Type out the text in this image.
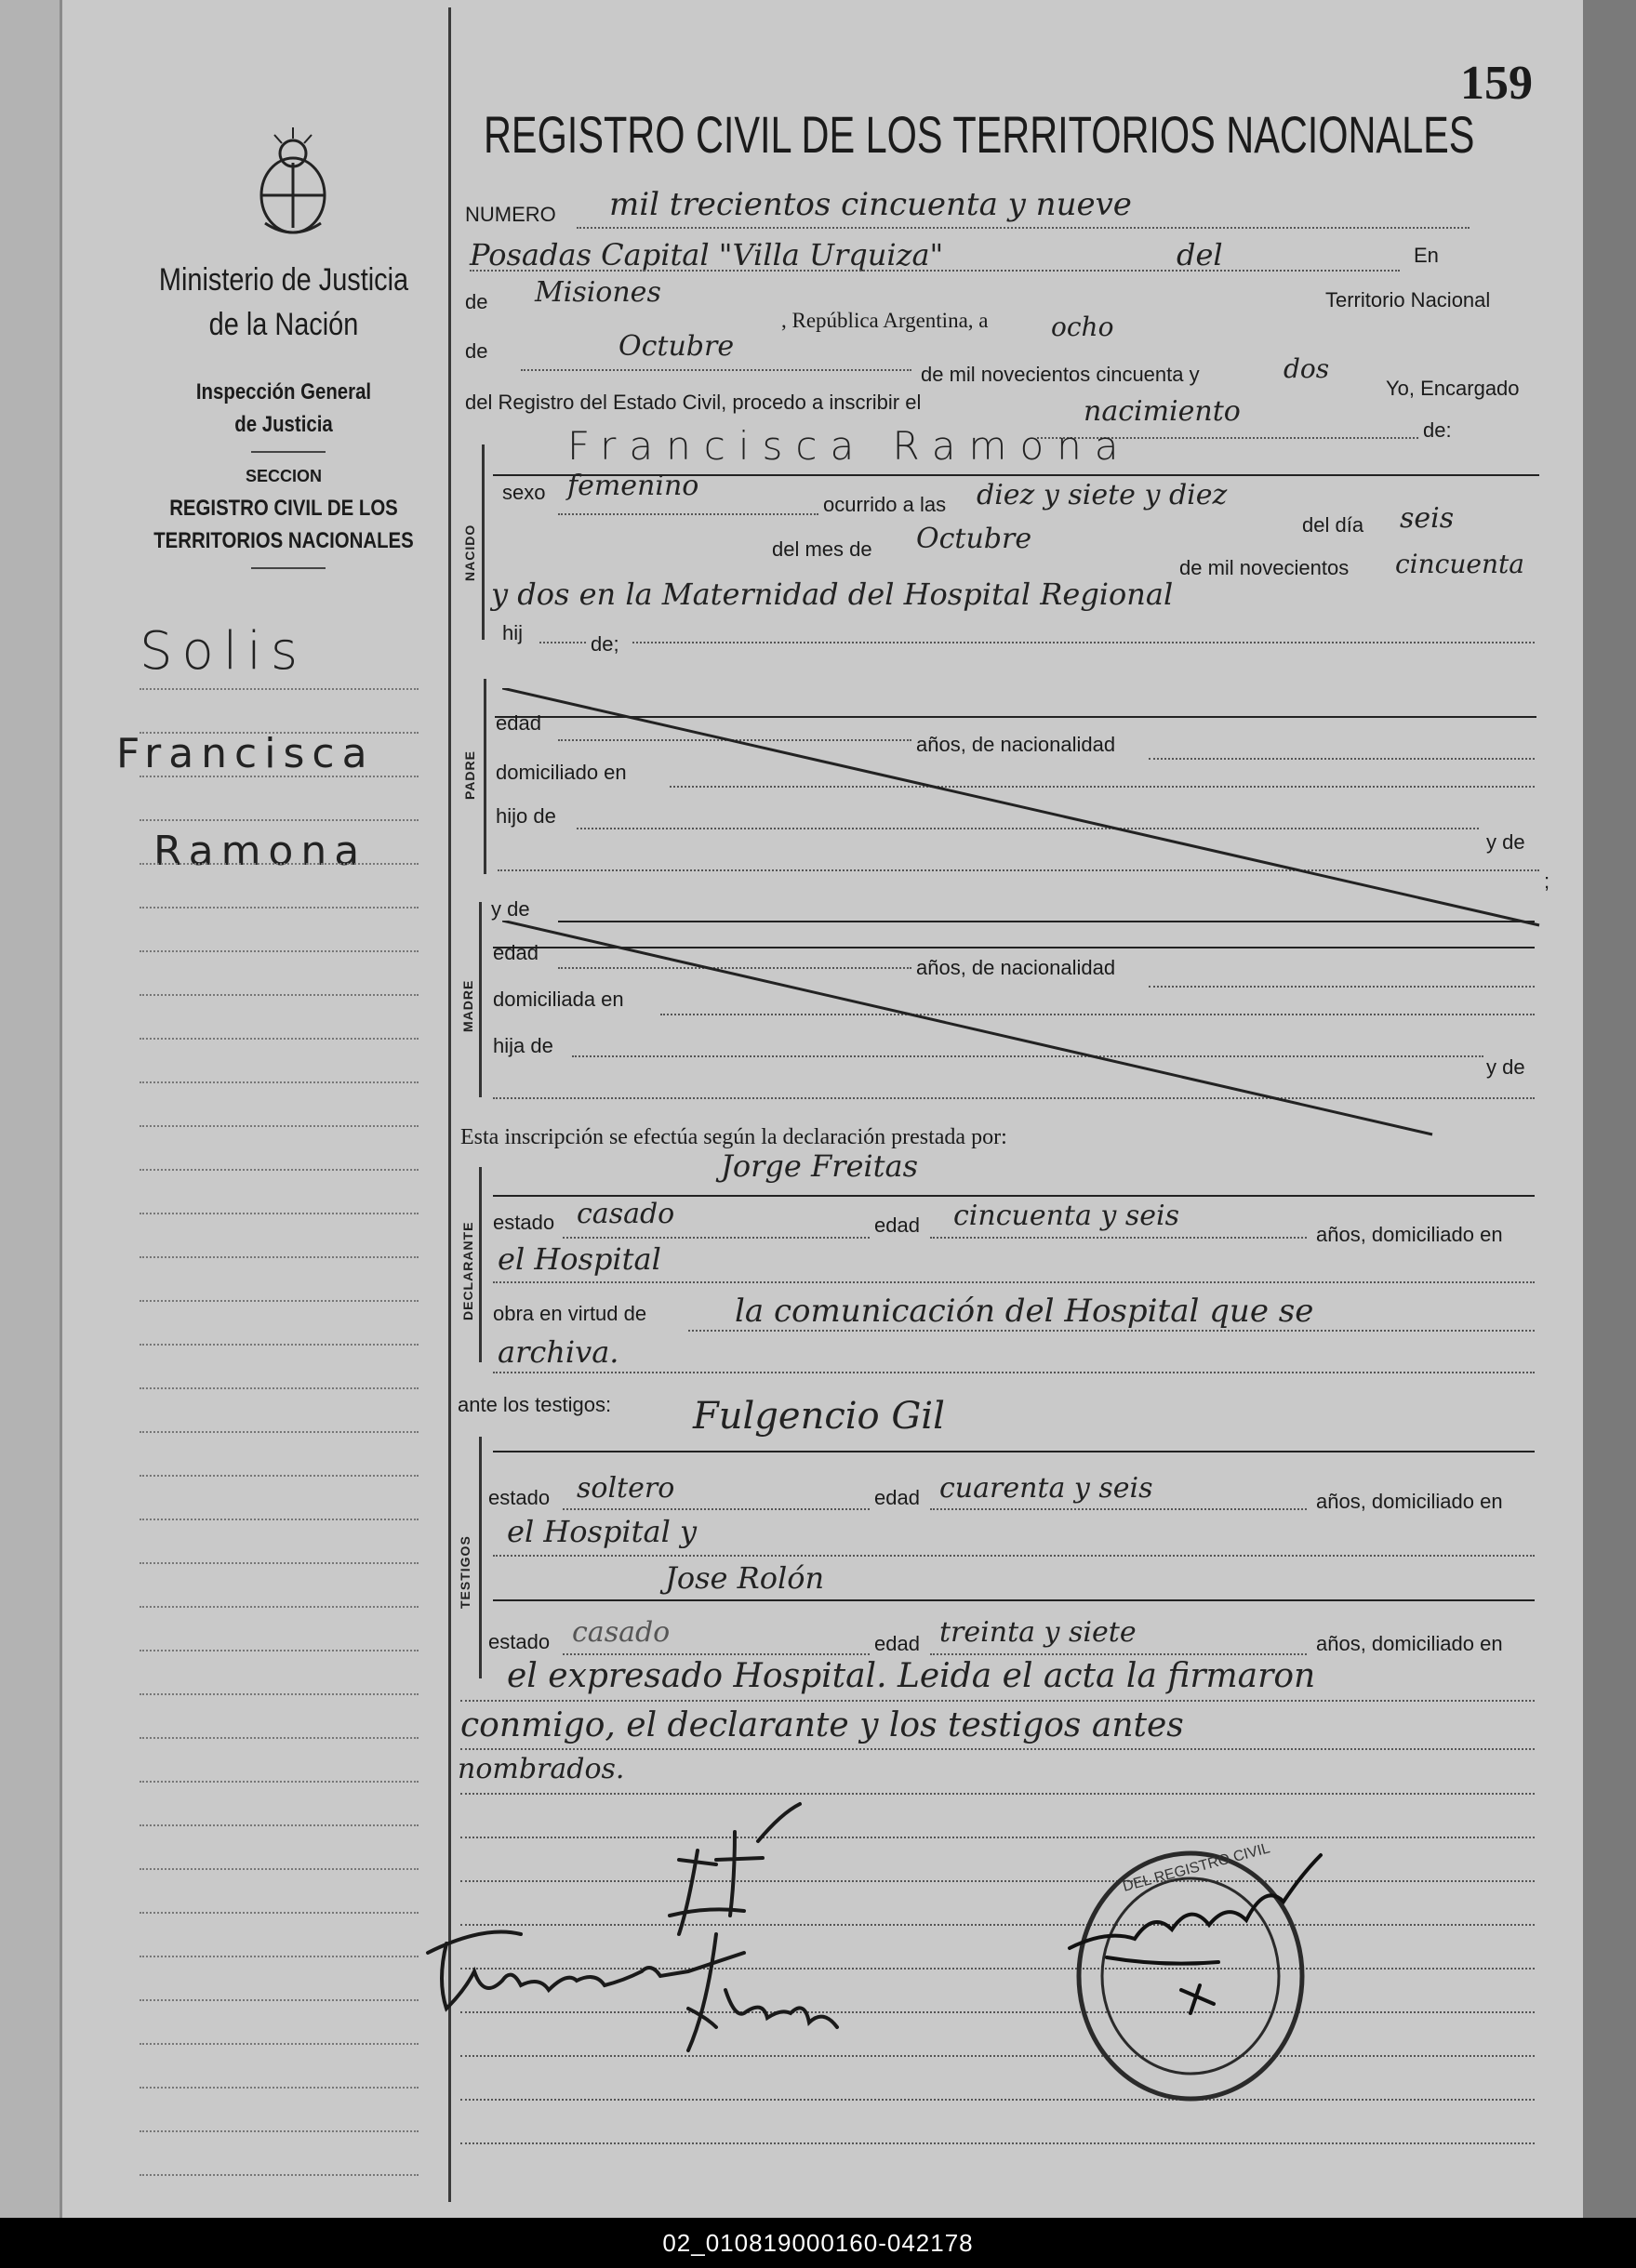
159
REGISTRO CIVIL DE LOS TERRITORIOS NACIONALES
Ministerio de Justicia
de la Nación
Inspección General
de Justicia
SECCION
REGISTRO CIVIL DE LOS
TERRITORIOS NACIONALES
Solis
Francisca
Ramona
NUMERO mil trecientos cincuenta y nueve
Posadas Capital "Villa Urquiza"	del	En
de Misiones
, República Argentina, a ocho
Territorio Nacional
de	Octubre
de mil novecientos cincuenta y	dos
Yo, Encargado
del Registro del Estado Civil, procedo a inscribir el	nacimiento
de:
NACIDO
Francisca Ramona
sexo femenino
ocurrido a las diez y siete y diez
del día seis
del mes de Octubre
de mil novecientos cincuenta
y dos en la Maternidad del Hospital Regional
hij	de;
PADRE
edad
años, de nacionalidad
domiciliado en
hijo de
y de
;
MADRE
y de
edad
años, de nacionalidad
domiciliada en
hija de
y de
Esta inscripción se efectúa según la declaración prestada por:
Jorge Freitas
DECLARANTE estado casado	edad cincuenta y seis
años, domiciliado en
el Hospital
obra en virtud de	la comunicación del Hospital que se
archiva.
ante los testigos: Fulgencio Gil
TESTIGOS
estado soltero	edad cuarenta y seis	años, domiciliado en
el Hospital y
Jose Rolón
estado casado	edad treinta y siete	años, domiciliado en
el expresado Hospital. Leida el acta la firmaron
conmigo, el declarante y los testigos antes
nombrados.
DEL REGISTRO CIVIL
02_010819000160-042178
